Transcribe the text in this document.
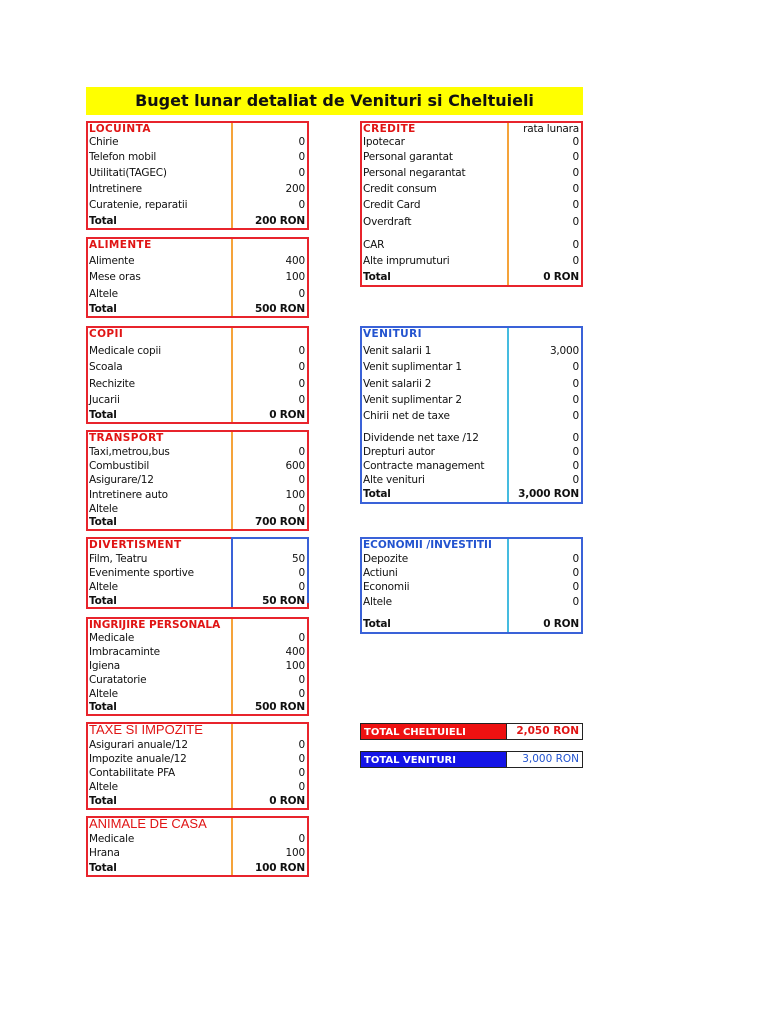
Buget lunar detaliat de Venituri si Cheltuieli
LOCUINTA
Chirie	0
Telefon mobil	0
Utilitati(TAGEC)	0
Intretinere	200
Curatenie, reparatii	0
Total	200 RON
ALIMENTE
Alimente	400
Mese oras	100
Altele	0
Total	500 RON
COPII
Medicale copii	0
Scoala	0
Rechizite	0
Jucarii	0
Total	0 RON
TRANSPORT
Taxi,metrou,bus	0
Combustibil	600
Asigurare/12	0
Intretinere auto	100
Altele	0
Total	700 RON
DIVERTISMENT
Film, Teatru	50
Evenimente sportive	0
Altele	0
Total	50 RON
INGRIJIRE PERSONALA
Medicale	0
Imbracaminte	400
Igiena	100
Curatatorie	0
Altele	0
Total	500 RON
TAXE SI IMPOZITE
Asigurari anuale/12	0
Impozite anuale/12	0
Contabilitate PFA	0
Altele	0
Total	0 RON
ANIMALE DE CASA
Medicale	0
Hrana	100
Total	100 RON
CREDITE	rata lunara
Ipotecar	0
Personal garantat	0
Personal negarantat	0
Credit consum	0
Credit Card	0
Overdraft	0
CAR	0
Alte imprumuturi	0
Total	0 RON
VENITURI
Venit salarii 1	3,000
Venit suplimentar 1	0
Venit salarii 2	0
Venit suplimentar 2	0
Chirii net de taxe	0
Dividende net taxe /12	0
Drepturi autor	0
Contracte management	0
Alte venituri	0
Total	3,000 RON
ECONOMII /INVESTITII
Depozite	0
Actiuni	0
Economii	0
Altele	0
Total	0 RON
TOTAL CHELTUIELI	2,050 RON
TOTAL VENITURI	3,000 RON
